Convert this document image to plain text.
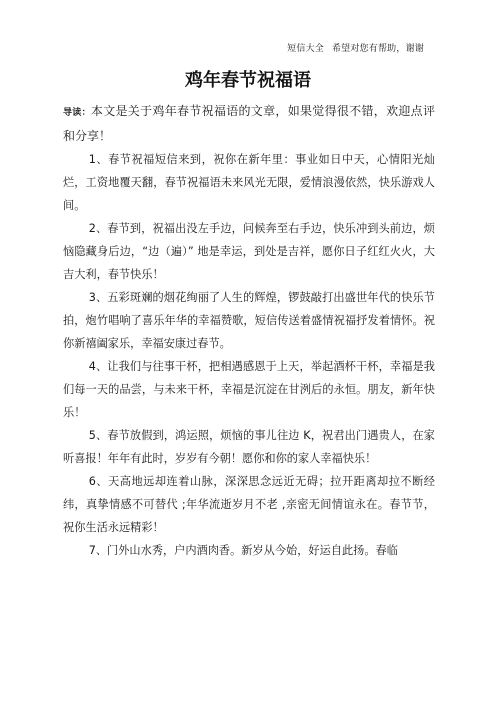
短信大全 希望对您有帮助，谢谢
鸡年春节祝福语
导读：本文是关于鸡年春节祝福语的文章，如果觉得很不错，欢迎点评和分享！

1、春节祝福短信来到，祝你在新年里：事业如日中天，心情阳光灿烂，工资地覆天翻，春节祝福语未来风光无限，爱情浪漫依然，快乐游戏人间。

2、春节到，祝福出没左手边，问候奔至右手边，快乐冲到头前边，烦恼隐藏身后边，“边（遍）” 地是幸运，到处是吉祥，愿你日子红红火火，大吉大利，春节快乐！

3、五彩斑斓的烟花绚丽了人生的辉煌，锣鼓敲打出盛世年代的快乐节拍，炮竹唱响了喜乐年华的幸福赞歌，短信传送着盛情祝福抒发着情怀。祝你新禧阖家乐，幸福安康过春节。

4、让我们与往事干杯，把相遇感恩于上天，举起酒杯干杯，幸福是我们每一天的品尝，与未来干杯，幸福是沉淀在甘洌后的永恒。朋友，新年快乐！

5、春节放假到，鸿运照，烦恼的事儿往边 K，祝君出门遇贵人，在家听喜报！年年有此时，岁岁有今朝！愿你和你的家人幸福快乐！

6、天高地远却连着山脉，深深思念远近无碍；拉开距离却拉不断经纬，真挚情感不可替代 ;年华流逝岁月不老 ,亲密无间情谊永在。春节节，祝你生活永远精彩！

7、门外山水秀，户内酒肉香。新岁从今始，好运自此扬。春临
